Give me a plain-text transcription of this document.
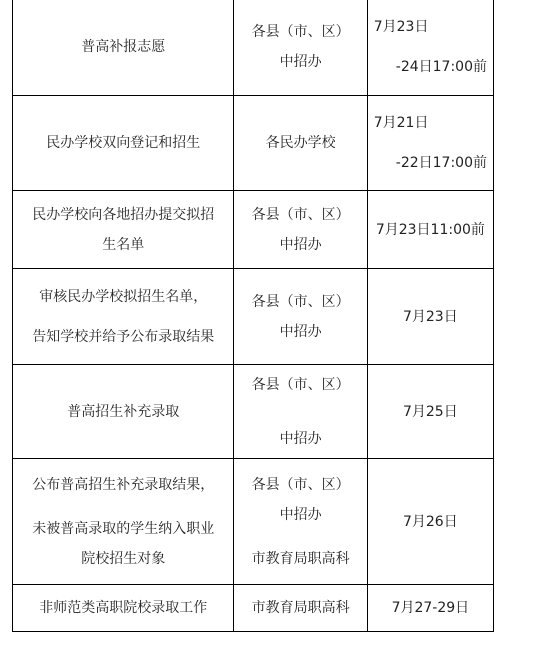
普高补报志愿	各县（市、区）
中招办	7月23日
-24日17:00前

民办学校双向登记和招生	各民办学校	7月21日
-22日17:00前

民办学校向各地招办提交拟招
生名单	各县（市、区）
中招办	7月23日11:00前

审核民办学校拟招生名单，
告知学校并给予公布录取结果	各县（市、区）
中招办	7月23日

普高招生补充录取	各县（市、区）
中招办	7月25日

公布普高招生补充录取结果，
未被普高录取的学生纳入职业
院校招生对象	各县（市、区）
中招办
市教育局职高科	7月26日

非师范类高职院校录取工作	市教育局职高科	7月27-29日
